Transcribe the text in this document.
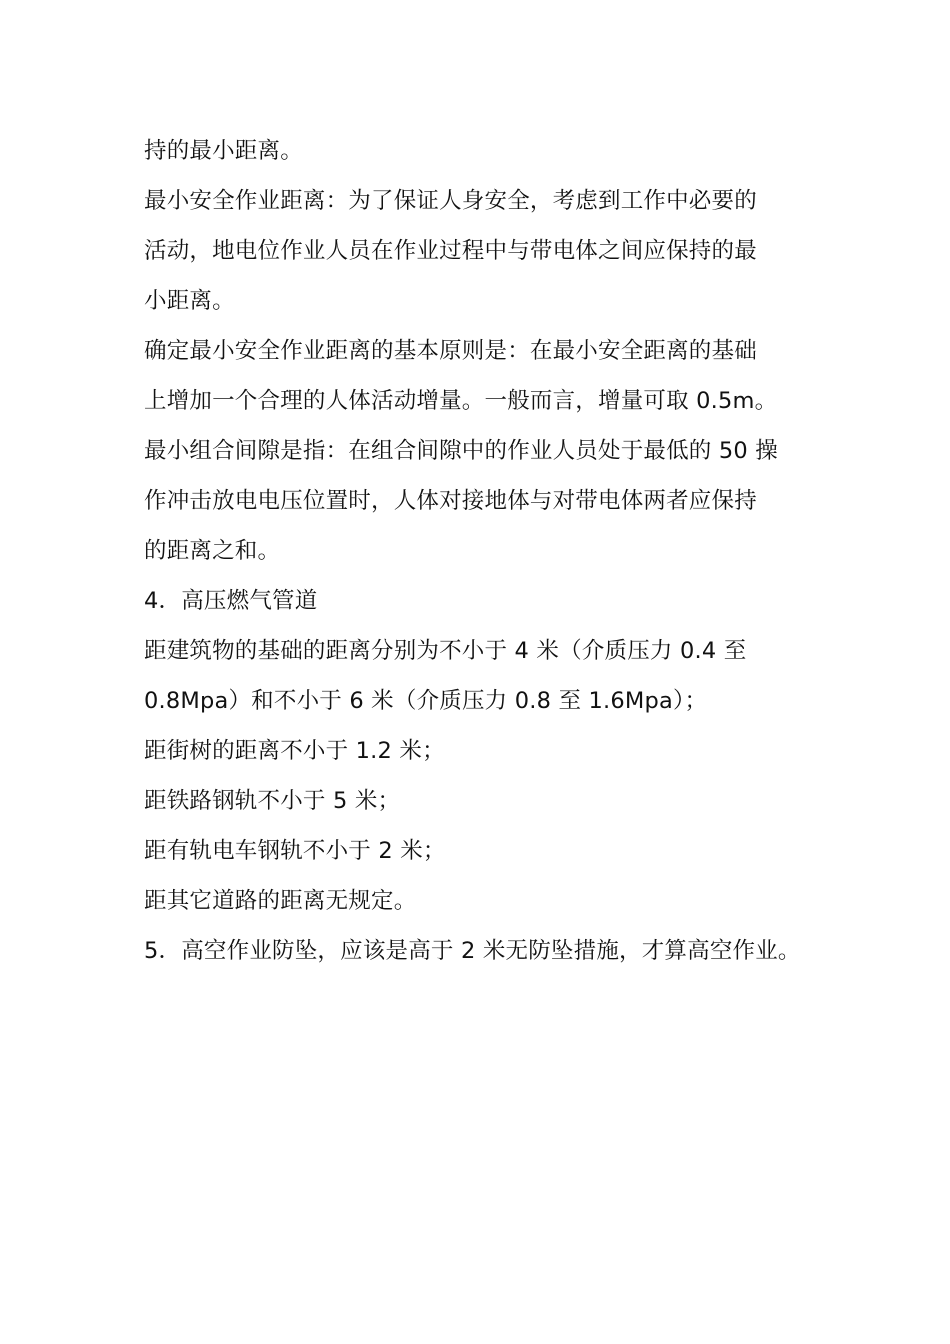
持的最小距离。
最小安全作业距离：为了保证人身安全，考虑到工作中必要的
活动，地电位作业人员在作业过程中与带电体之间应保持的最
小距离。
确定最小安全作业距离的基本原则是：在最小安全距离的基础
上增加一个合理的人体活动增量。一般而言，增量可取 0.5m。
最小组合间隙是指：在组合间隙中的作业人员处于最低的 50 操
作冲击放电电压位置时，人体对接地体与对带电体两者应保持
的距离之和。
4．高压燃气管道
距建筑物的基础的距离分别为不小于 4 米（介质压力 0.4 至
0.8Mpa）和不小于 6 米（介质压力 0.8 至 1.6Mpa）；
距街树的距离不小于 1.2 米；
距铁路钢轨不小于 5 米；
距有轨电车钢轨不小于 2 米；
距其它道路的距离无规定。
5．高空作业防坠，应该是高于 2 米无防坠措施，才算高空作业。
